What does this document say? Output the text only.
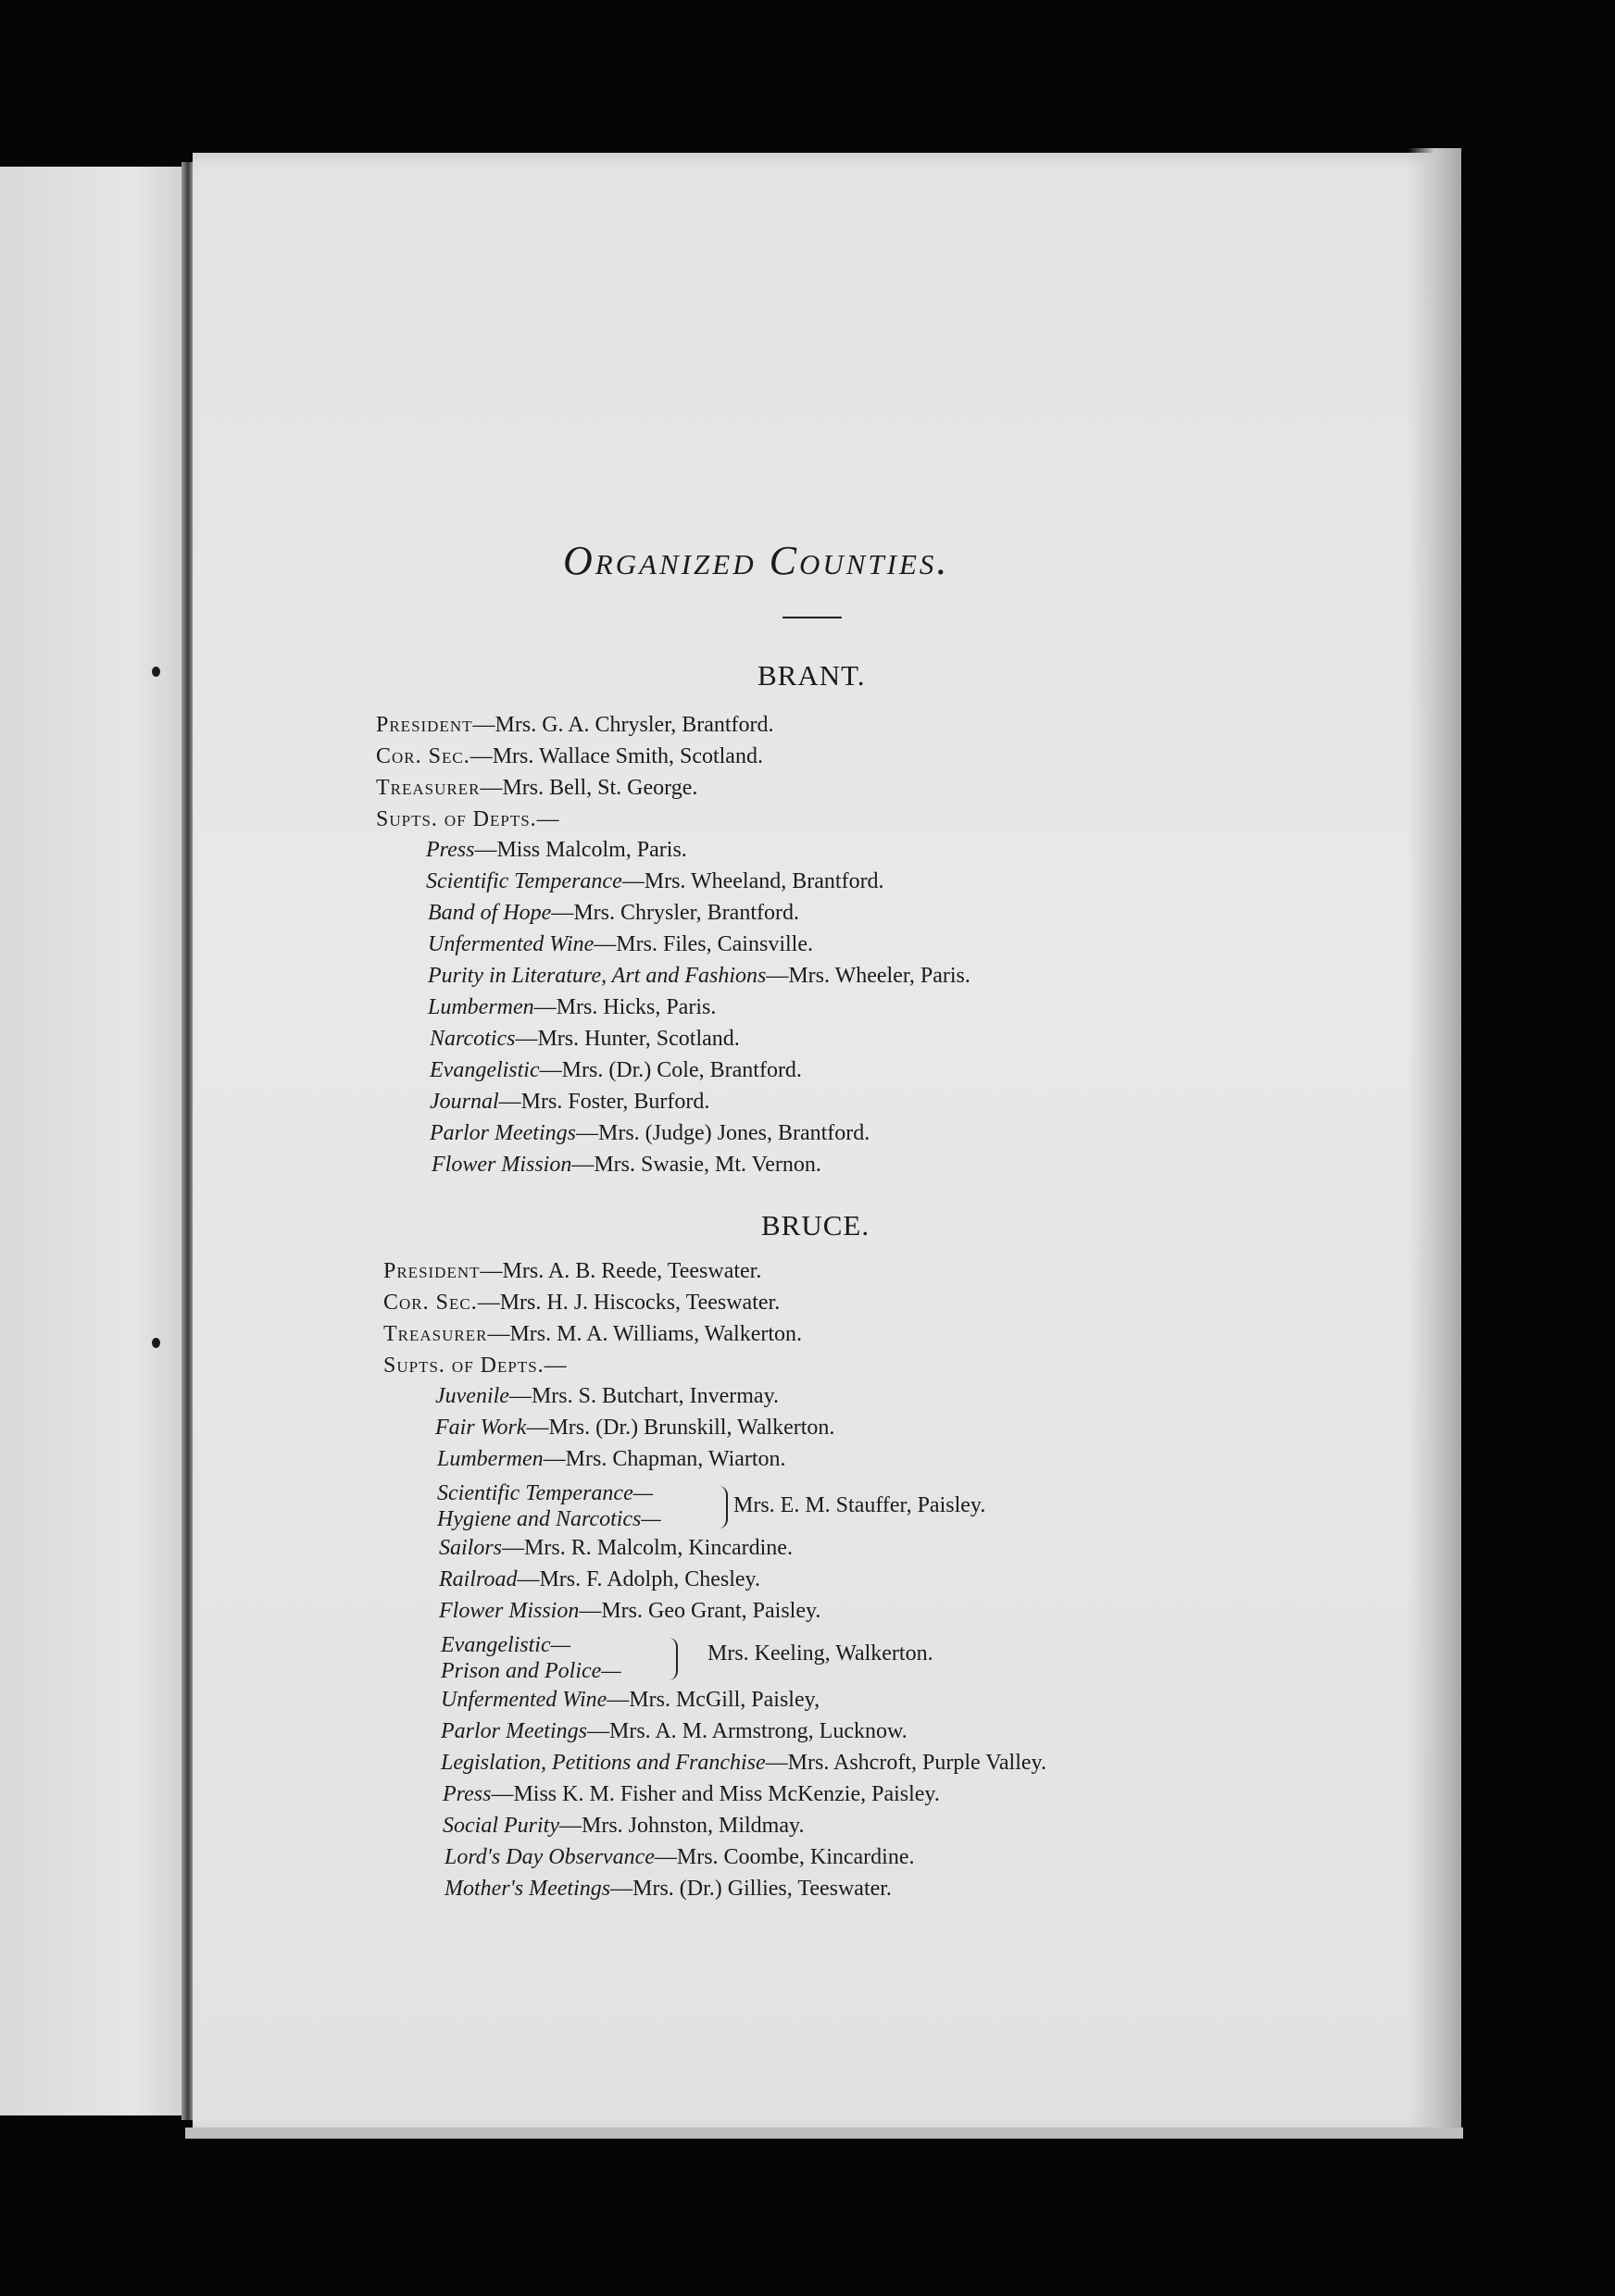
Organized Counties.
BRANT.
President—Mrs. G. A. Chrysler, Brantford.
Cor. Sec.—Mrs. Wallace Smith, Scotland.
Treasurer—Mrs. Bell, St. George.
Supts. of Depts.—
Press—Miss Malcolm, Paris.
Scientific Temperance—Mrs. Wheeland, Brantford.
Band of Hope—Mrs. Chrysler, Brantford.
Unfermented Wine—Mrs. Files, Cainsville.
Purity in Literature, Art and Fashions—Mrs. Wheeler, Paris.
Lumbermen—Mrs. Hicks, Paris.
Narcotics—Mrs. Hunter, Scotland.
Evangelistic—Mrs. (Dr.) Cole, Brantford.
Journal—Mrs. Foster, Burford.
Parlor Meetings—Mrs. (Judge) Jones, Brantford.
Flower Mission—Mrs. Swasie, Mt. Vernon.
BRUCE.
President—Mrs. A. B. Reede, Teeswater.
Cor. Sec.—Mrs. H. J. Hiscocks, Teeswater.
Treasurer—Mrs. M. A. Williams, Walkerton.
Supts. of Depts.—
Juvenile—Mrs. S. Butchart, Invermay.
Fair Work—Mrs. (Dr.) Brunskill, Walkerton.
Lumbermen—Mrs. Chapman, Wiarton.
Scientific Temperance—
Hygiene and Narcotics—
Mrs. E. M. Stauffer, Paisley.
Sailors—Mrs. R. Malcolm, Kincardine.
Railroad—Mrs. F. Adolph, Chesley.
Flower Mission—Mrs. Geo Grant, Paisley.
Evangelistic—
Prison and Police—
Mrs. Keeling, Walkerton.
Unfermented Wine—Mrs. McGill, Paisley,
Parlor Meetings—Mrs. A. M. Armstrong, Lucknow.
Legislation, Petitions and Franchise—Mrs. Ashcroft, Purple Valley.
Press—Miss K. M. Fisher and Miss McKenzie, Paisley.
Social Purity—Mrs. Johnston, Mildmay.
Lord's Day Observance—Mrs. Coombe, Kincardine.
Mother's Meetings—Mrs. (Dr.) Gillies, Teeswater.
